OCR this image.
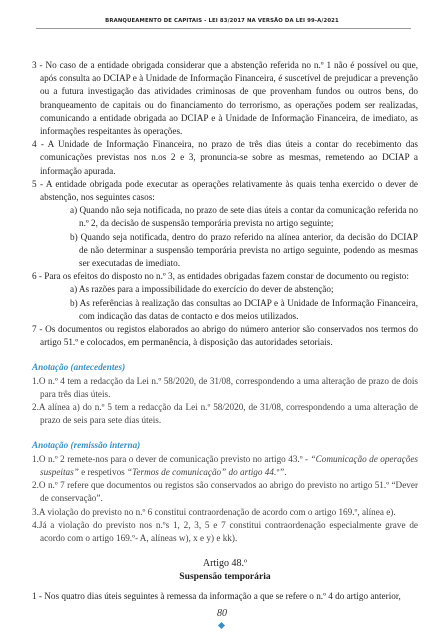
BRANQUEAMENTO DE CAPITAIS - LEI 83/2017 NA VERSÃO DA LEI 99-A/2021

3 - No caso de a entidade obrigada considerar que a abstenção referida no n.º 1 não é possível ou que, após consulta ao DCIAP e à Unidade de Informação Financeira, é suscetível de prejudicar a prevenção ou a futura investigação das atividades criminosas de que provenham fundos ou outros bens, do branqueamento de capitais ou do financiamento do terrorismo, as operações podem ser realizadas, comunicando a entidade obrigada ao DCIAP e à Unidade de Informação Financeira, de imediato, as informações respeitantes às operações.

4 - A Unidade de Informação Financeira, no prazo de três dias úteis a contar do recebimento das comunicações previstas nos n.os 2 e 3, pronuncia-se sobre as mesmas, remetendo ao DCIAP a informação apurada.

5 - A entidade obrigada pode executar as operações relativamente às quais tenha exercido o dever de abstenção, nos seguintes casos:

a) Quando não seja notificada, no prazo de sete dias úteis a contar da comunicação referida no n.º 2, da decisão de suspensão temporária prevista no artigo seguinte;

b) Quando seja notificada, dentro do prazo referido na alínea anterior, da decisão do DCIAP de não determinar a suspensão temporária prevista no artigo seguinte, podendo as mesmas ser executadas de imediato.

6 - Para os efeitos do disposto no n.º 3, as entidades obrigadas fazem constar de documento ou registo:

a) As razões para a impossibilidade do exercício do dever de abstenção;

b) As referências à realização das consultas ao DCIAP e à Unidade de Informação Financeira, com indicação das datas de contacto e dos meios utilizados.

7 - Os documentos ou registos elaborados ao abrigo do número anterior são conservados nos termos do artigo 51.º e colocados, em permanência, à disposição das autoridades setoriais.

Anotação (antecedentes)

1.O n.º 4 tem a redacção da Lei n.º 58/2020, de 31/08, correspondendo a uma alteração de prazo de dois para três dias úteis.

2.A alínea a) do n.º 5 tem a redacção da Lei n.º 58/2020, de 31/08, correspondendo a uma alteração de prazo de seis para sete dias úteis.

Anotação (remissão interna)

1.O n.º 2 remete-nos para o dever de comunicação previsto no artigo 43.º - “Comunicação de operações suspeitas” e respetivos “Termos de comunicação” do artigo 44.º”.

2.O n.º 7 refere que documentos ou registos são conservados ao abrigo do previsto no artigo 51.º “Dever de conservação”.

3.A violação do previsto no n.º 6 constitui contraordenação de acordo com o artigo 169.º, alínea e).

4.Já a violação do previsto nos n.ºs 1, 2, 3, 5 e 7 constitui contraordenação especialmente grave de acordo com o artigo 169.º- A, alíneas w), x e y) e kk).

Artigo 48.º

Suspensão temporária

1 - Nos quatro dias úteis seguintes à remessa da informação a que se refere o n.º 4 do artigo anterior,

80
